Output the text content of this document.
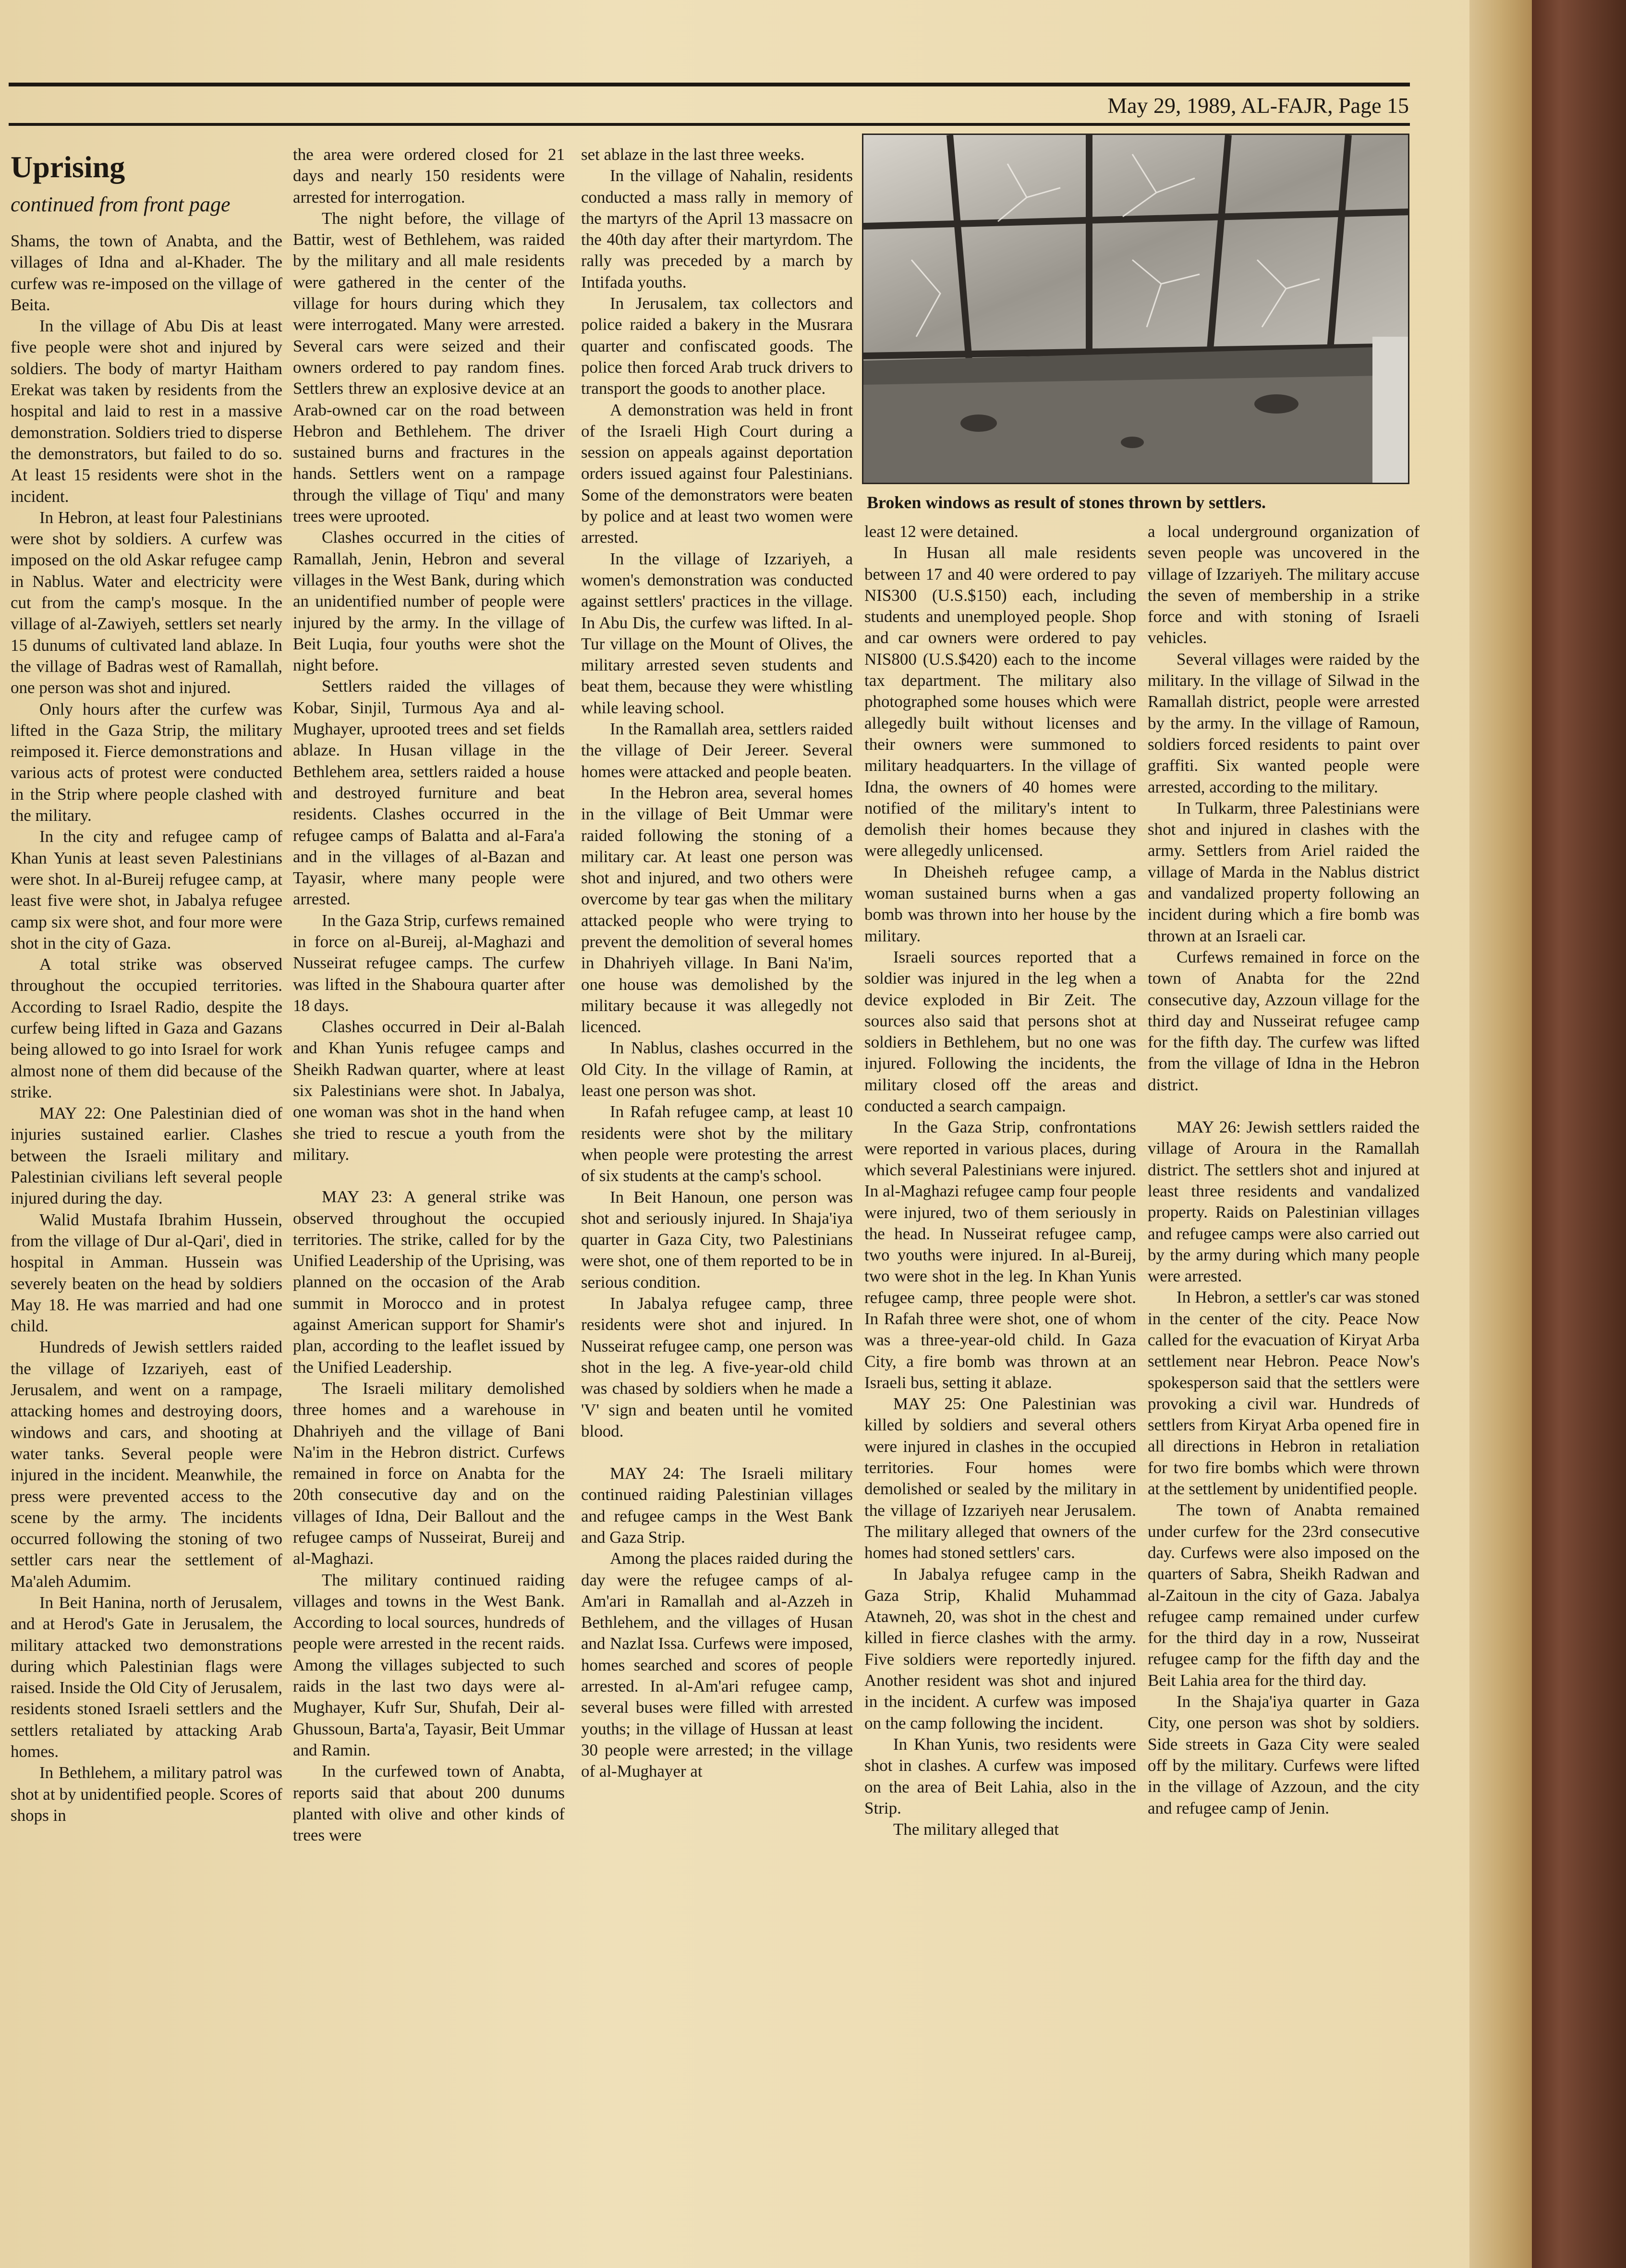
May 29, 1989, AL-FAJR, Page 15
Uprising
continued from front page

Shams, the town of Anabta, and the villages of Idna and al-Khader. The curfew was re-imposed on the village of Beita.

In the village of Abu Dis at least five people were shot and injured by soldiers. The body of martyr Haitham Erekat was taken by residents from the hospital and laid to rest in a massive demonstration. Soldiers tried to disperse the demonstrators, but failed to do so. At least 15 residents were shot in the incident.

In Hebron, at least four Palestinians were shot by soldiers. A curfew was imposed on the old Askar refugee camp in Nablus. Water and electricity were cut from the camp's mosque. In the village of al-Zawiyeh, settlers set nearly 15 dunums of cultivated land ablaze. In the village of Badras west of Ramallah, one person was shot and injured.

Only hours after the curfew was lifted in the Gaza Strip, the military reimposed it. Fierce demonstrations and various acts of protest were conducted in the Strip where people clashed with the military.

In the city and refugee camp of Khan Yunis at least seven Palestinians were shot. In al-Bureij refugee camp, at least five were shot, in Jabalya refugee camp six were shot, and four more were shot in the city of Gaza.

A total strike was observed throughout the occupied territories. According to Israel Radio, despite the curfew being lifted in Gaza and Gazans being allowed to go into Israel for work almost none of them did because of the strike.

MAY 22: One Palestinian died of injuries sustained earlier. Clashes between the Israeli military and Palestinian civilians left several people injured during the day.

Walid Mustafa Ibrahim Hussein, from the village of Dur al-Qari', died in hospital in Amman. Hussein was severely beaten on the head by soldiers May 18. He was married and had one child.

Hundreds of Jewish settlers raided the village of Izzariyeh, east of Jerusalem, and went on a rampage, attacking homes and destroying doors, windows and cars, and shooting at water tanks. Several people were injured in the incident. Meanwhile, the press were prevented access to the scene by the army. The incidents occurred following the stoning of two settler cars near the settlement of Ma'aleh Adumim.

In Beit Hanina, north of Jerusalem, and at Herod's Gate in Jerusalem, the military attacked two demonstrations during which Palestinian flags were raised. Inside the Old City of Jerusalem, residents stoned Israeli settlers and the settlers retaliated by attacking Arab homes.

In Bethlehem, a military patrol was shot at by unidentified people. Scores of shops in

the area were ordered closed for 21 days and nearly 150 residents were arrested for interrogation.

The night before, the village of Battir, west of Bethlehem, was raided by the military and all male residents were gathered in the center of the village for hours during which they were interrogated. Many were arrested. Several cars were seized and their owners ordered to pay random fines. Settlers threw an explosive device at an Arab-owned car on the road between Hebron and Bethlehem. The driver sustained burns and fractures in the hands. Settlers went on a rampage through the village of Tiqu' and many trees were uprooted.

Clashes occurred in the cities of Ramallah, Jenin, Hebron and several villages in the West Bank, during which an unidentified number of people were injured by the army. In the village of Beit Luqia, four youths were shot the night before.

Settlers raided the villages of Kobar, Sinjil, Turmous Aya and al-Mughayer, uprooted trees and set fields ablaze. In Husan village in the Bethlehem area, settlers raided a house and destroyed furniture and beat residents. Clashes occurred in the refugee camps of Balatta and al-Fara'a and in the villages of al-Bazan and Tayasir, where many people were arrested.

In the Gaza Strip, curfews remained in force on al-Bureij, al-Maghazi and Nusseirat refugee camps. The curfew was lifted in the Shaboura quarter after 18 days.

Clashes occurred in Deir al-Balah and Khan Yunis refugee camps and Sheikh Radwan quarter, where at least six Palestinians were shot. In Jabalya, one woman was shot in the hand when she tried to rescue a youth from the military.

MAY 23: A general strike was observed throughout the occupied territories. The strike, called for by the Unified Leadership of the Uprising, was planned on the occasion of the Arab summit in Morocco and in protest against American support for Shamir's plan, according to the leaflet issued by the Unified Leadership.

The Israeli military demolished three homes and a warehouse in Dhahriyeh and the village of Bani Na'im in the Hebron district. Curfews remained in force on Anabta for the 20th consecutive day and on the villages of Idna, Deir Ballout and the refugee camps of Nusseirat, Bureij and al-Maghazi.

The military continued raiding villages and towns in the West Bank. According to local sources, hundreds of people were arrested in the recent raids. Among the villages subjected to such raids in the last two days were al-Mughayer, Kufr Sur, Shufah, Deir al-Ghussoun, Barta'a, Tayasir, Beit Ummar and Ramin.

In the curfewed town of Anabta, reports said that about 200 dunums planted with olive and other kinds of trees were

set ablaze in the last three weeks.

In the village of Nahalin, residents conducted a mass rally in memory of the martyrs of the April 13 massacre on the 40th day after their martyrdom. The rally was preceded by a march by Intifada youths.

In Jerusalem, tax collectors and police raided a bakery in the Musrara quarter and confiscated goods. The police then forced Arab truck drivers to transport the goods to another place.

A demonstration was held in front of the Israeli High Court during a session on appeals against deportation orders issued against four Palestinians. Some of the demonstrators were beaten by police and at least two women were arrested.

In the village of Izzariyeh, a women's demonstration was conducted against settlers' practices in the village. In Abu Dis, the curfew was lifted. In al-Tur village on the Mount of Olives, the military arrested seven students and beat them, because they were whistling while leaving school.

In the Ramallah area, settlers raided the village of Deir Jereer. Several homes were attacked and people beaten.

In the Hebron area, several homes in the village of Beit Ummar were raided following the stoning of a military car. At least one person was shot and injured, and two others were overcome by tear gas when the military attacked people who were trying to prevent the demolition of several homes in Dhahriyeh village. In Bani Na'im, one house was demolished by the military because it was allegedly not licenced.

In Nablus, clashes occurred in the Old City. In the village of Ramin, at least one person was shot.

In Rafah refugee camp, at least 10 residents were shot by the military when people were protesting the arrest of six students at the camp's school.

In Beit Hanoun, one person was shot and seriously injured. In Shaja'iya quarter in Gaza City, two Palestinians were shot, one of them reported to be in serious condition.

In Jabalya refugee camp, three residents were shot and injured. In Nusseirat refugee camp, one person was shot in the leg. A five-year-old child was chased by soldiers when he made a 'V' sign and beaten until he vomited blood.

MAY 24: The Israeli military continued raiding Palestinian villages and refugee camps in the West Bank and Gaza Strip.

Among the places raided during the day were the refugee camps of al-Am'ari in Ramallah and al-Azzeh in Bethlehem, and the villages of Husan and Nazlat Issa. Curfews were imposed, homes searched and scores of people arrested. In al-Am'ari refugee camp, several buses were filled with arrested youths; in the village of Hussan at least 30 people were arrested; in the village of al-Mughayer at

Broken windows as result of stones thrown by settlers.

least 12 were detained.

In Husan all male residents between 17 and 40 were ordered to pay NIS300 (U.S.$150) each, including students and unemployed people. Shop and car owners were ordered to pay NIS800 (U.S.$420) each to the income tax department. The military also photographed some houses which were allegedly built without licenses and their owners were summoned to military headquarters. In the village of Idna, the owners of 40 homes were notified of the military's intent to demolish their homes because they were allegedly unlicensed.

In Dheisheh refugee camp, a woman sustained burns when a gas bomb was thrown into her house by the military.

Israeli sources reported that a soldier was injured in the leg when a device exploded in Bir Zeit. The sources also said that persons shot at soldiers in Bethlehem, but no one was injured. Following the incidents, the military closed off the areas and conducted a search campaign.

In the Gaza Strip, confrontations were reported in various places, during which several Palestinians were injured. In al-Maghazi refugee camp four people were injured, two of them seriously in the head. In Nusseirat refugee camp, two youths were injured. In al-Bureij, two were shot in the leg. In Khan Yunis refugee camp, three people were shot. In Rafah three were shot, one of whom was a three-year-old child. In Gaza City, a fire bomb was thrown at an Israeli bus, setting it ablaze.

MAY 25: One Palestinian was killed by soldiers and several others were injured in clashes in the occupied territories. Four homes were demolished or sealed by the military in the village of Izzariyeh near Jerusalem. The military alleged that owners of the homes had stoned settlers' cars.

In Jabalya refugee camp in the Gaza Strip, Khalid Muhammad Atawneh, 20, was shot in the chest and killed in fierce clashes with the army. Five soldiers were reportedly injured. Another resident was shot and injured in the incident. A curfew was imposed on the camp following the incident.

In Khan Yunis, two residents were shot in clashes. A curfew was imposed on the area of Beit Lahia, also in the Strip.

The military alleged that

a local underground organization of seven people was uncovered in the village of Izzariyeh. The military accuse the seven of membership in a strike force and with stoning of Israeli vehicles.

Several villages were raided by the military. In the village of Silwad in the Ramallah district, people were arrested by the army. In the village of Ramoun, soldiers forced residents to paint over graffiti. Six wanted people were arrested, according to the military.

In Tulkarm, three Palestinians were shot and injured in clashes with the army. Settlers from Ariel raided the village of Marda in the Nablus district and vandalized property following an incident during which a fire bomb was thrown at an Israeli car.

Curfews remained in force on the town of Anabta for the 22nd consecutive day, Azzoun village for the third day and Nusseirat refugee camp for the fifth day. The curfew was lifted from the village of Idna in the Hebron district.

MAY 26: Jewish settlers raided the village of Aroura in the Ramallah district. The settlers shot and injured at least three residents and vandalized property. Raids on Palestinian villages and refugee camps were also carried out by the army during which many people were arrested.

In Hebron, a settler's car was stoned in the center of the city. Peace Now called for the evacuation of Kiryat Arba settlement near Hebron. Peace Now's spokesperson said that the settlers were provoking a civil war. Hundreds of settlers from Kiryat Arba opened fire in all directions in Hebron in retaliation for two fire bombs which were thrown at the settlement by unidentified people.

The town of Anabta remained under curfew for the 23rd consecutive day. Curfews were also imposed on the quarters of Sabra, Sheikh Radwan and al-Zaitoun in the city of Gaza. Jabalya refugee camp remained under curfew for the third day in a row, Nusseirat refugee camp for the fifth day and the Beit Lahia area for the third day.

In the Shaja'iya quarter in Gaza City, one person was shot by soldiers. Side streets in Gaza City were sealed off by the military. Curfews were lifted in the village of Azzoun, and the city and refugee camp of Jenin.
